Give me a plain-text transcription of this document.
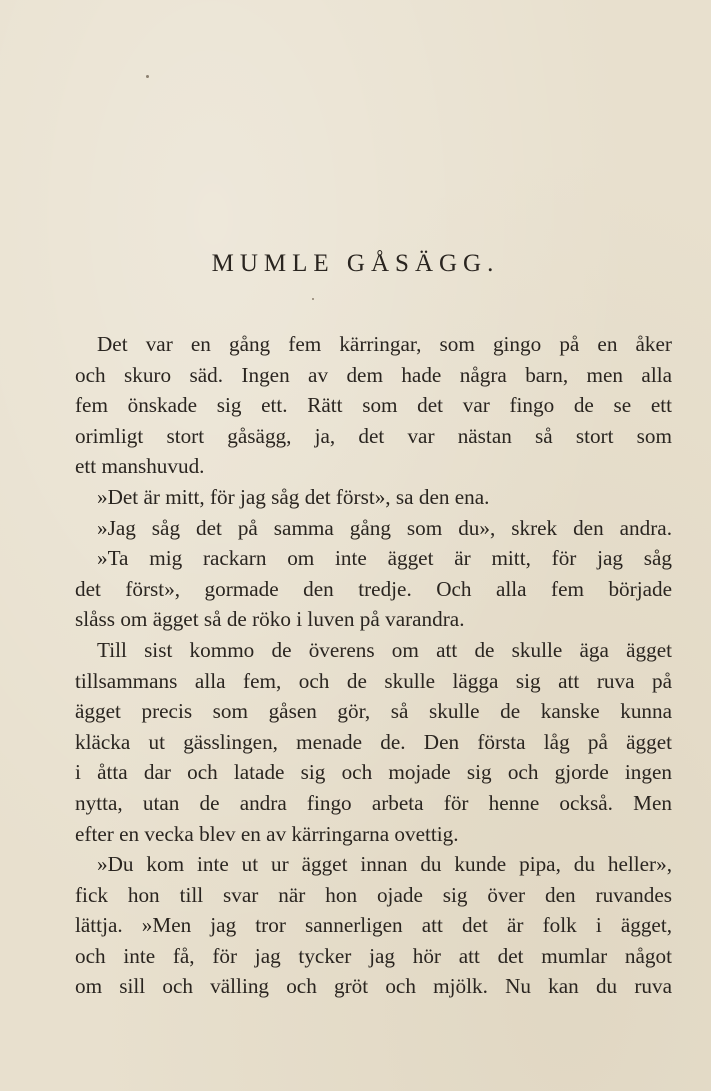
MUMLE GÅSÄGG.
Det var en gång fem kärringar, som gingo på en åker
och skuro säd. Ingen av dem hade några barn, men alla
fem önskade sig ett. Rätt som det var fingo de se ett
orimligt stort gåsägg, ja, det var nästan så stort som
ett manshuvud.
»Det är mitt, för jag såg det först», sa den ena.
»Jag såg det på samma gång som du», skrek den andra.
»Ta mig rackarn om inte ägget är mitt, för jag såg
det först», gormade den tredje. Och alla fem började
slåss om ägget så de röko i luven på varandra.
Till sist kommo de överens om att de skulle äga ägget
tillsammans alla fem, och de skulle lägga sig att ruva på
ägget precis som gåsen gör, så skulle de kanske kunna
kläcka ut gässlingen, menade de. Den första låg på ägget
i åtta dar och latade sig och mojade sig och gjorde ingen
nytta, utan de andra fingo arbeta för henne också. Men
efter en vecka blev en av kärringarna ovettig.
»Du kom inte ut ur ägget innan du kunde pipa, du heller»,
fick hon till svar när hon ojade sig över den ruvandes
lättja. »Men jag tror sannerligen att det är folk i ägget,
och inte få, för jag tycker jag hör att det mumlar något
om sill och välling och gröt och mjölk. Nu kan du ruva
